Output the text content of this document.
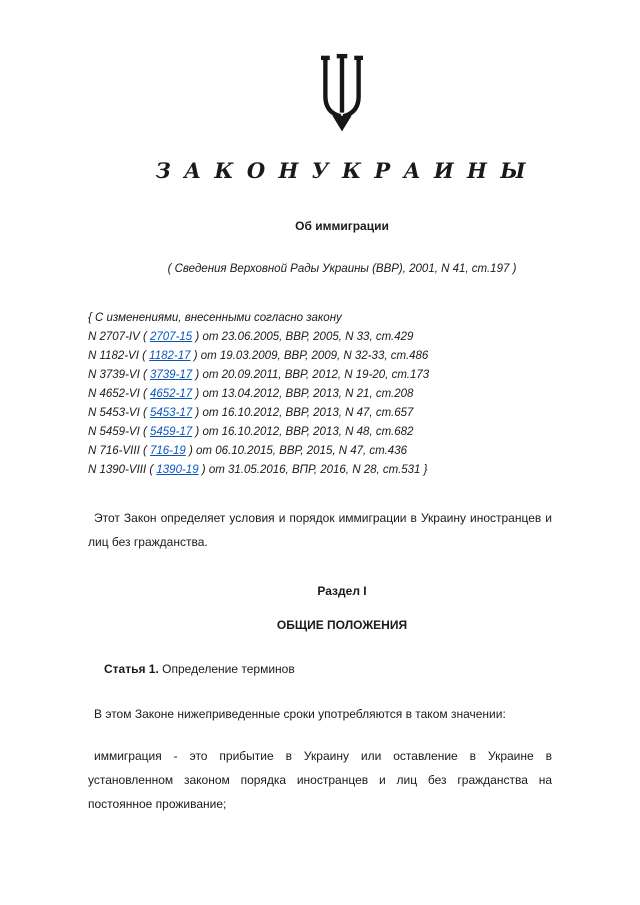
З А К О Н У К Р А И Н Ы
Об иммиграции
( Сведения Верховной Рады Украины (ВВР), 2001, N 41, ст.197 )
{ С изменениями, внесенными согласно закону
N 2707-IV ( 2707-15 ) от 23.06.2005, ВВР, 2005, N 33, ст.429
N 1182-VI ( 1182-17 ) от 19.03.2009, ВВР, 2009, N 32-33, ст.486
N 3739-VI ( 3739-17 ) от 20.09.2011, ВВР, 2012, N 19-20, ст.173
N 4652-VI ( 4652-17 ) от 13.04.2012, ВВР, 2013, N 21, ст.208
N 5453-VI ( 5453-17 ) от 16.10.2012, ВВР, 2013, N 47, ст.657
N 5459-VI ( 5459-17 ) от 16.10.2012, ВВР, 2013, N 48, ст.682
N 716-VIII ( 716-19 ) от 06.10.2015, ВВР, 2015, N 47, ст.436
N 1390-VIII ( 1390-19 ) от 31.05.2016, ВПР, 2016, N 28, ст.531 }
Этот Закон определяет условия и порядок иммиграции в Украину иностранцев и лиц без гражданства.
Раздел I
ОБЩИЕ ПОЛОЖЕНИЯ
Статья 1. Определение терминов
В этом Законе нижеприведенные сроки употребляются в таком значении:
иммиграция - это прибытие в Украину или оставление в Украине в установленном законом порядка иностранцев и лиц без гражданства на постоянное проживание;
